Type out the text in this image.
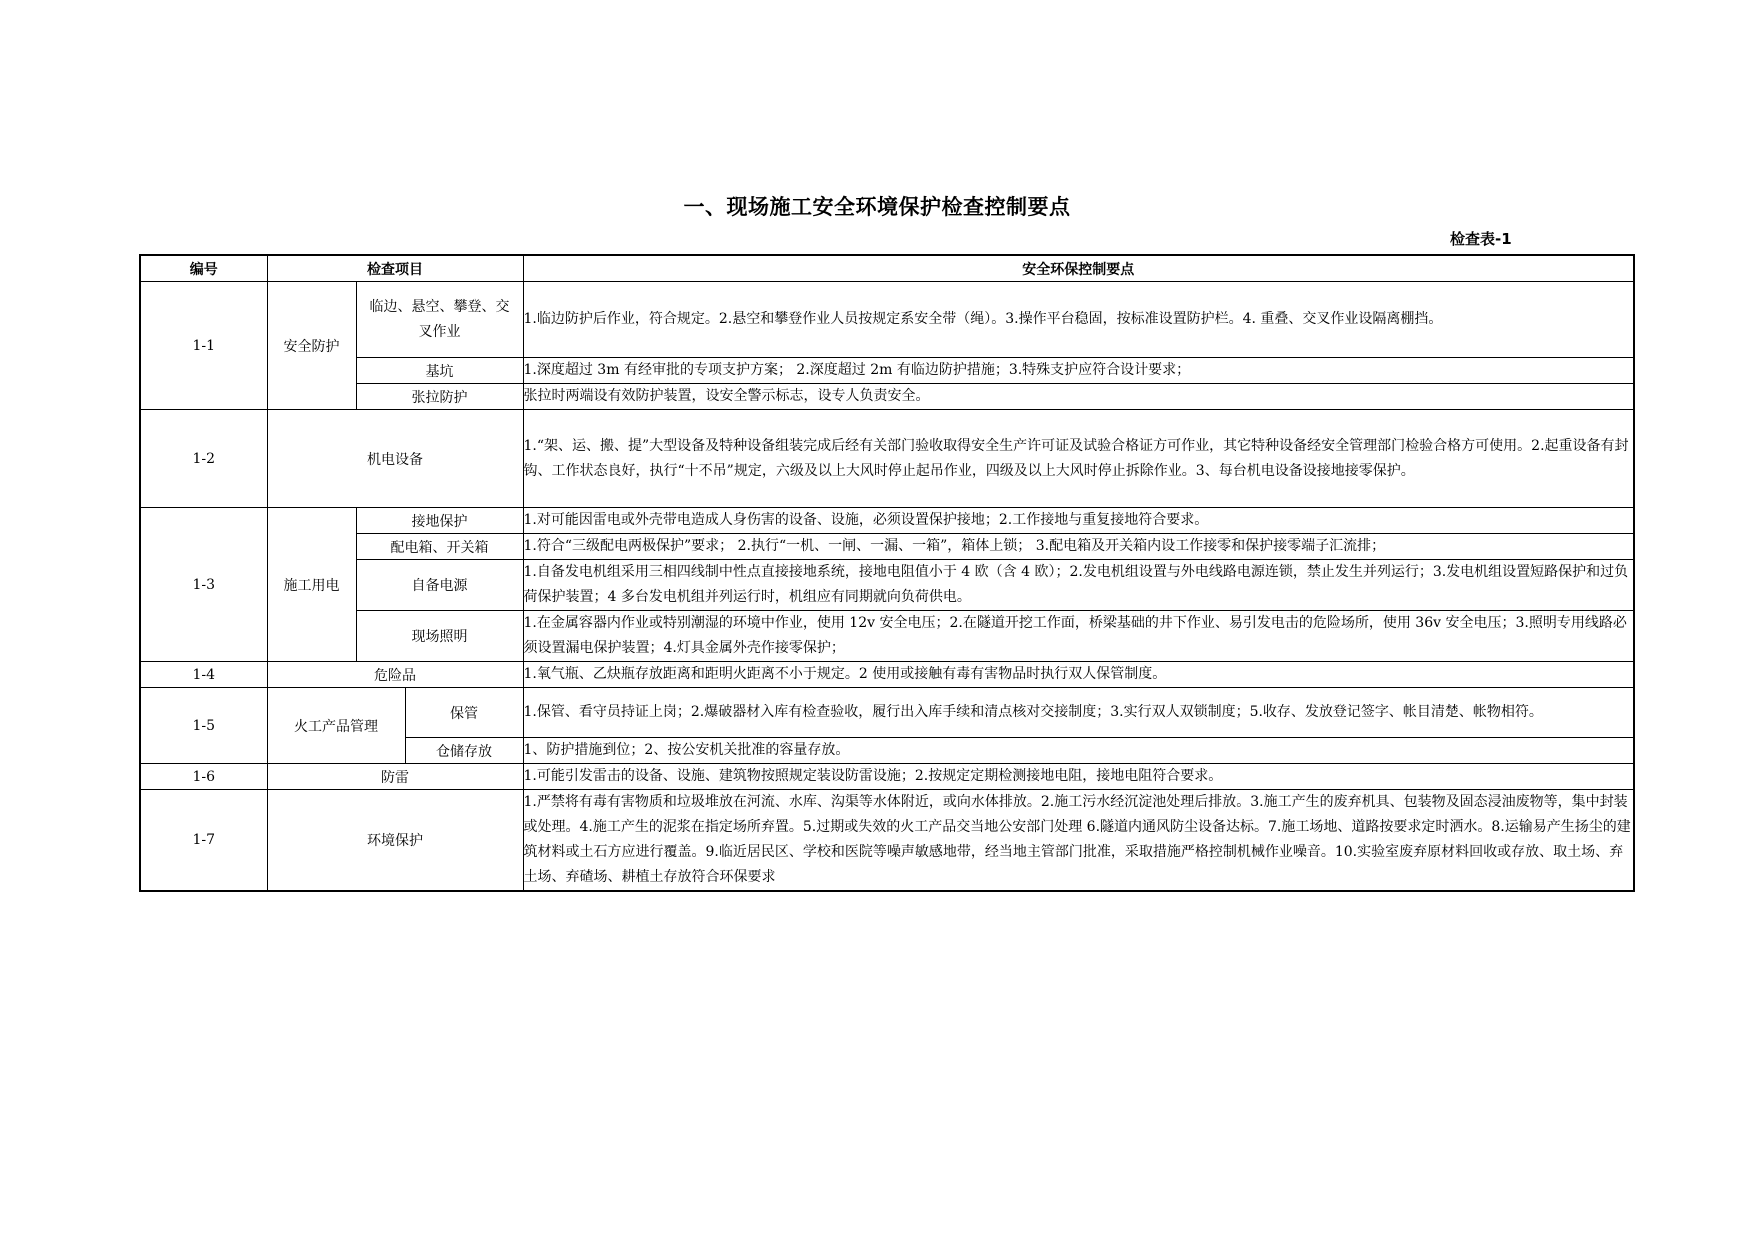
一、现场施工安全环境保护检查控制要点
检查表-1
编号	检查项目			安全环保控制要点
1-1	安全防护	临边、悬空、攀登、交叉作业		1.临边防护后作业，符合规定。2.悬空和攀登作业人员按规定系安全带（绳）。3.操作平台稳固，按标准设置防护栏。4. 重叠、交叉作业设隔离棚挡。
		基坑		1.深度超过 3m 有经审批的专项支护方案； 2.深度超过 2m 有临边防护措施；3.特殊支护应符合设计要求；
		张拉防护		张拉时两端设有效防护装置，设安全警示标志，设专人负责安全。
1-2	机电设备			1.“架、运、搬、提”大型设备及特种设备组装完成后经有关部门验收取得安全生产许可证及试验合格证方可作业，其它特种设备经安全管理部门检验合格方可使用。2.起重设备有封钩、工作状态良好，执行“十不吊”规定，六级及以上大风时停止起吊作业，四级及以上大风时停止拆除作业。3、每台机电设备设接地接零保护。
1-3	施工用电	接地保护		1.对可能因雷电或外壳带电造成人身伤害的设备、设施，必须设置保护接地；2.工作接地与重复接地符合要求。
		配电箱、开关箱		1.符合“三级配电两极保护”要求； 2.执行“一机、一闸、一漏、一箱”，箱体上锁； 3.配电箱及开关箱内设工作接零和保护接零端子汇流排；
		自备电源		1.自备发电机组采用三相四线制中性点直接接地系统，接地电阻值小于 4 欧（含 4 欧）；2.发电机组设置与外电线路电源连锁，禁止发生并列运行；3.发电机组设置短路保护和过负荷保护装置；4 多台发电机组并列运行时，机组应有同期就向负荷供电。
		现场照明		1.在金属容器内作业或特别潮湿的环境中作业，使用 12v 安全电压；2.在隧道开挖工作面，桥梁基础的井下作业、易引发电击的危险场所，使用 36v 安全电压；3.照明专用线路必须设置漏电保护装置；4.灯具金属外壳作接零保护；
1-4	危险品			1.氧气瓶、乙炔瓶存放距离和距明火距离不小于规定。2 使用或接触有毒有害物品时执行双人保管制度。
1-5	火工产品管理		保管	1.保管、看守员持证上岗；2.爆破器材入库有检查验收，履行出入库手续和清点核对交接制度；3.实行双人双锁制度；5.收存、发放登记签字、帐目清楚、帐物相符。
			仓储存放	1、防护措施到位；2、按公安机关批准的容量存放。
1-6	防雷			1.可能引发雷击的设备、设施、建筑物按照规定装设防雷设施；2.按规定定期检测接地电阻，接地电阻符合要求。
1-7	环境保护			1.严禁将有毒有害物质和垃圾堆放在河流、水库、沟渠等水体附近，或向水体排放。2.施工污水经沉淀池处理后排放。3.施工产生的废弃机具、包装物及固态浸油废物等，集中封装或处理。4.施工产生的泥浆在指定场所弃置。5.过期或失效的火工产品交当地公安部门处理 6.隧道内通风防尘设备达标。7.施工场地、道路按要求定时洒水。8.运输易产生扬尘的建筑材料或土石方应进行覆盖。9.临近居民区、学校和医院等噪声敏感地带，经当地主管部门批准，采取措施严格控制机械作业噪音。10.实验室废弃原材料回收或存放、取土场、弃土场、弃碴场、耕植土存放符合环保要求
